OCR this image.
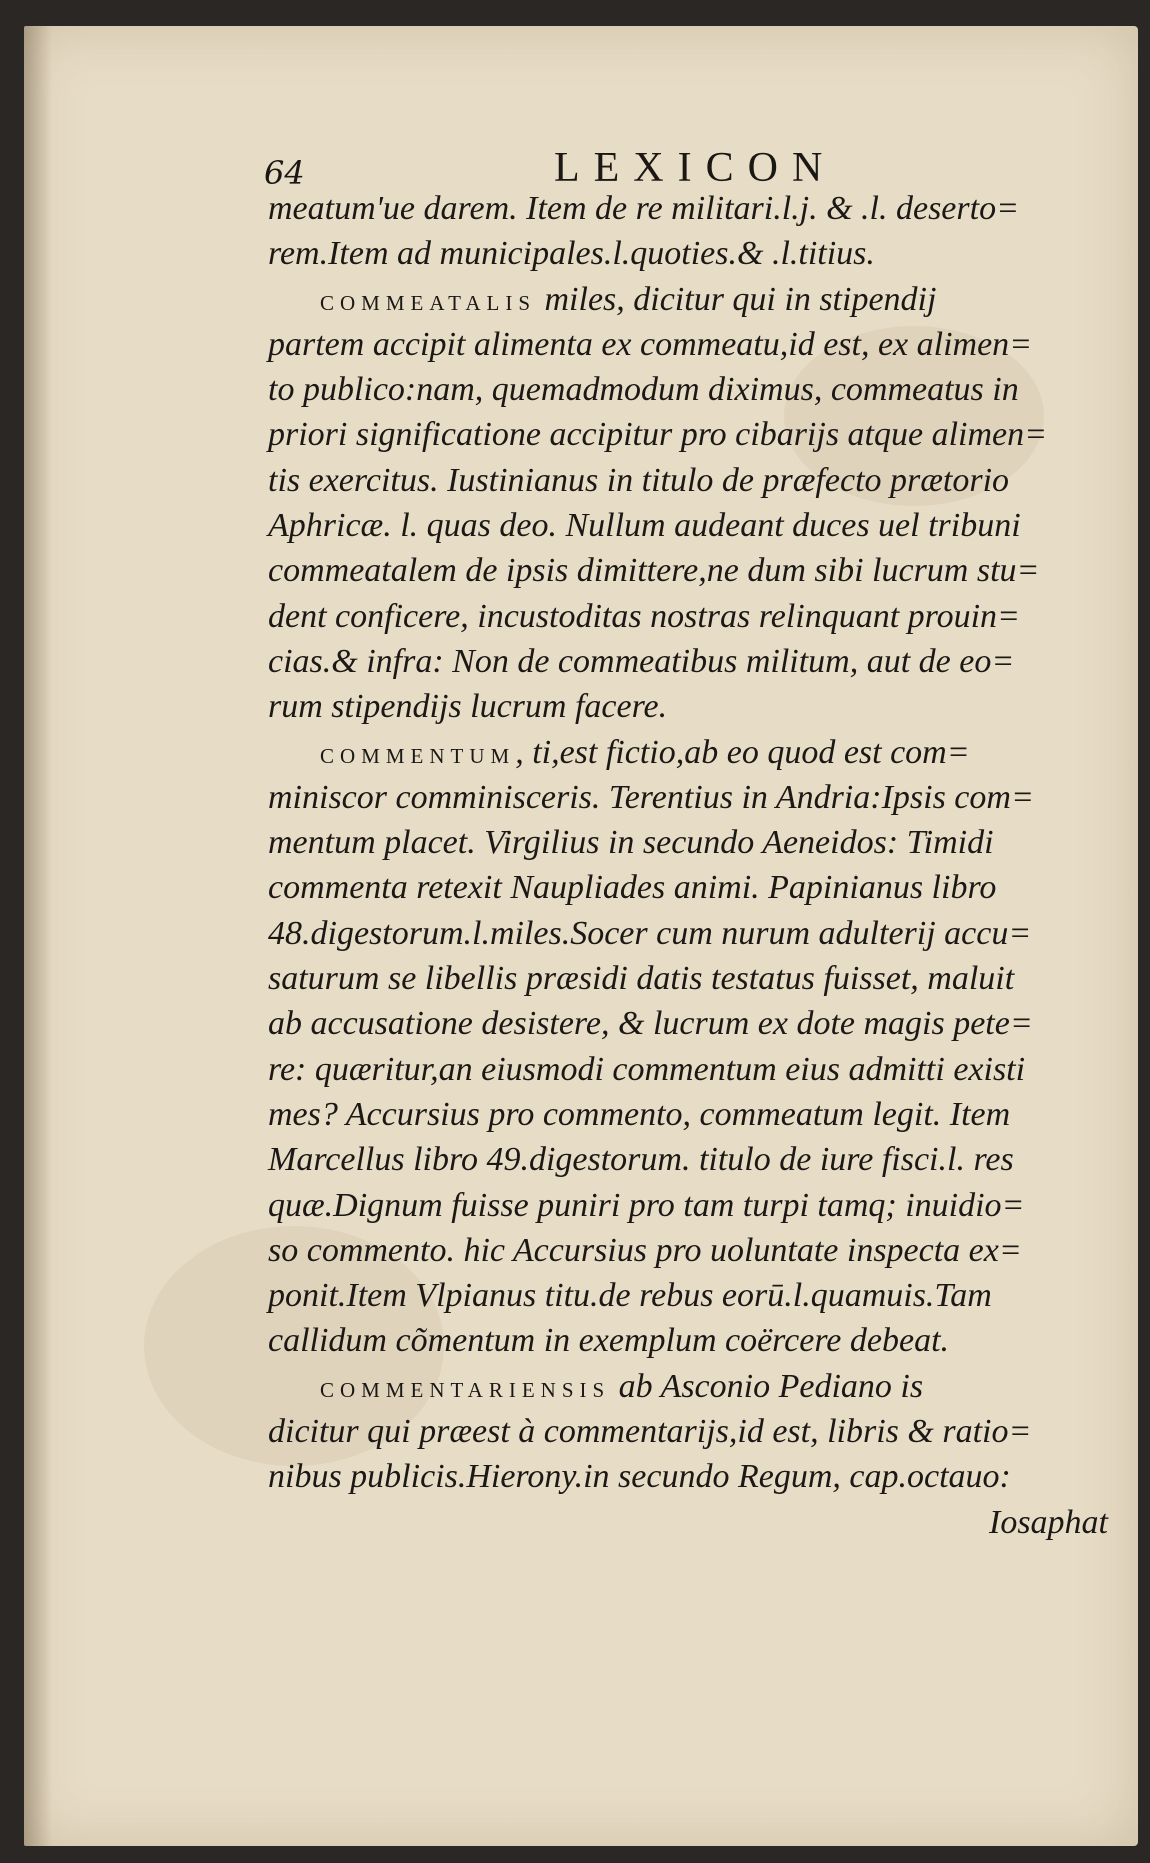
64	LEXICON
meatum'ue darem. Item de re militari.l.j. & .l. deserto=
rem.Item ad municipales.l.quoties.& .l.titius.
COMMEATALIS miles, dicitur qui in stipendij
partem accipit alimenta ex commeatu,id est, ex alimen=
to publico:nam, quemadmodum diximus, commeatus in
priori significatione accipitur pro cibarijs atque alimen=
tis exercitus. Iustinianus in titulo de præfecto prætorio
Aphricæ. l. quas deo. Nullum audeant duces uel tribuni
commeatalem de ipsis dimittere,ne dum sibi lucrum stu=
dent conficere, incustoditas nostras relinquant prouin=
cias.& infra: Non de commeatibus militum, aut de eo=
rum stipendijs lucrum facere.
COMMENTUM, ti,est fictio,ab eo quod est com=
miniscor comminisceris. Terentius in Andria:Ipsis com=
mentum placet. Virgilius in secundo Aeneidos: Timidi
commenta retexit Naupliades animi. Papinianus libro
48.digestorum.l.miles.Socer cum nurum adulterij accu=
saturum se libellis præsidi datis testatus fuisset, maluit
ab accusatione desistere, & lucrum ex dote magis pete=
re: quæritur,an eiusmodi commentum eius admitti existi
mes? Accursius pro commento, commeatum legit. Item
Marcellus libro 49.digestorum. titulo de iure fisci.l. res
quæ.Dignum fuisse puniri pro tam turpi tamq; inuidio=
so commento. hic Accursius pro uoluntate inspecta ex=
ponit.Item Vlpianus titu.de rebus eorū.l.quamuis.Tam
callidum cõmentum in exemplum coërcere debeat.
COMMENTARIENSIS ab Asconio Pediano is
dicitur qui præest à commentarijs,id est, libris & ratio=
nibus publicis.Hierony.in secundo Regum, cap.octauo:
Iosaphat
